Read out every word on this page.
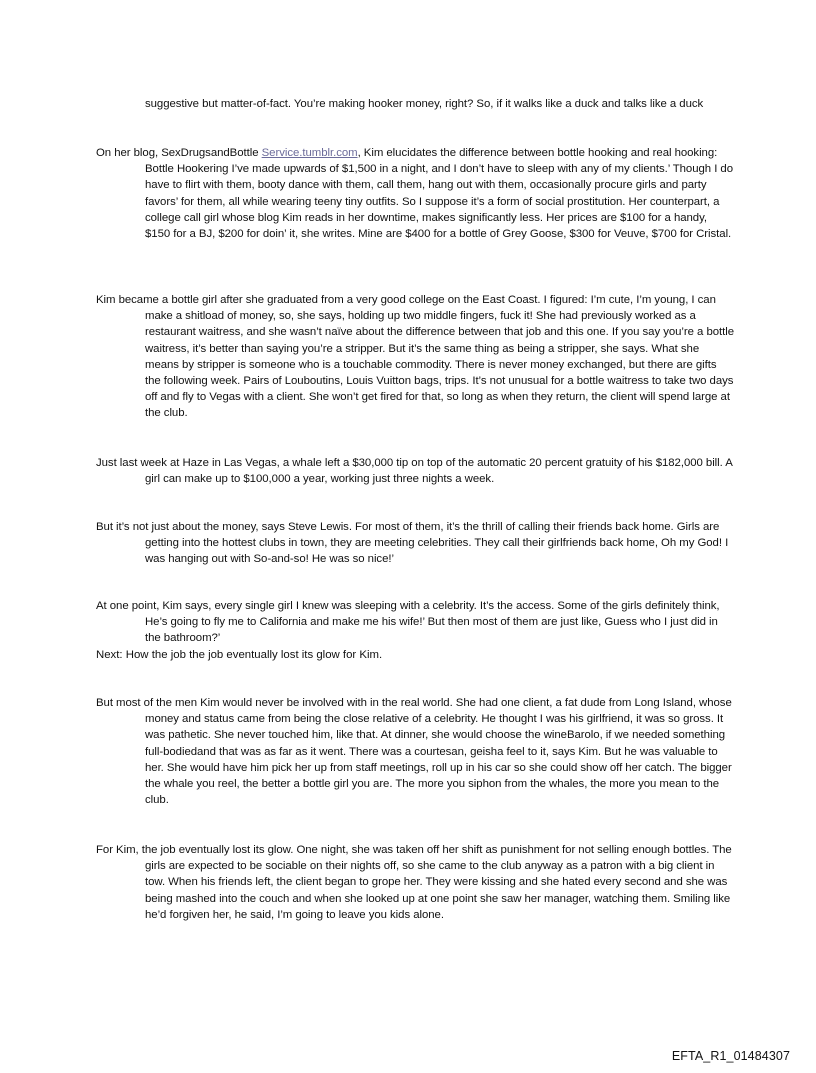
suggestive but matter-of-fact. You’re making hooker money, right? So, if it walks like a duck and talks like a duck

On her blog, SexDrugsandBottle Service.tumblr.com, Kim elucidates the difference between bottle hooking and real hooking: Bottle Hookering I’ve made upwards of $1,500 in a night, and I don’t have to sleep with any of my clients.’ Though I do have to flirt with them, booty dance with them, call them, hang out with them, occasionally procure girls and party favors’ for them, all while wearing teeny tiny outfits. So I suppose it’s a form of social prostitution. Her counterpart, a college call girl whose blog Kim reads in her downtime, makes significantly less. Her prices are $100 for a handy, $150 for a BJ, $200 for doin’ it, she writes. Mine are $400 for a bottle of Grey Goose, $300 for Veuve, $700 for Cristal.

Kim became a bottle girl after she graduated from a very good college on the East Coast. I figured: I’m cute, I’m young, I can make a shitload of money, so, she says, holding up two middle fingers, fuck it! She had previously worked as a restaurant waitress, and she wasn’t naïve about the difference between that job and this one. If you say you’re a bottle waitress, it’s better than saying you’re a stripper. But it’s the same thing as being a stripper, she says. What she means by stripper is someone who is a touchable commodity. There is never money exchanged, but there are gifts the following week. Pairs of Louboutins, Louis Vuitton bags, trips. It’s not unusual for a bottle waitress to take two days off and fly to Vegas with a client. She won’t get fired for that, so long as when they return, the client will spend large at the club.

Just last week at Haze in Las Vegas, a whale left a $30,000 tip on top of the automatic 20 percent gratuity of his $182,000 bill. A girl can make up to $100,000 a year, working just three nights a week.

But it’s not just about the money, says Steve Lewis. For most of them, it’s the thrill of calling their friends back home. Girls are getting into the hottest clubs in town, they are meeting celebrities. They call their girlfriends back home, Oh my God! I was hanging out with So-and-so! He was so nice!’

At one point, Kim says, every single girl I knew was sleeping with a celebrity. It’s the access. Some of the girls definitely think, He’s going to fly me to California and make me his wife!’ But then most of them are just like, Guess who I just did in the bathroom?’

Next: How the job the job eventually lost its glow for Kim.

But most of the men Kim would never be involved with in the real world. She had one client, a fat dude from Long Island, whose money and status came from being the close relative of a celebrity. He thought I was his girlfriend, it was so gross. It was pathetic. She never touched him, like that. At dinner, she would choose the wineBarolo, if we needed something full-bodiedand that was as far as it went. There was a courtesan, geisha feel to it, says Kim. But he was valuable to her. She would have him pick her up from staff meetings, roll up in his car so she could show off her catch. The bigger the whale you reel, the better a bottle girl you are. The more you siphon from the whales, the more you mean to the club.

For Kim, the job eventually lost its glow. One night, she was taken off her shift as punishment for not selling enough bottles. The girls are expected to be sociable on their nights off, so she came to the club anyway as a patron with a big client in tow. When his friends left, the client began to grope her. They were kissing and she hated every second and she was being mashed into the couch and when she looked up at one point she saw her manager, watching them. Smiling like he’d forgiven her, he said, I’m going to leave you kids alone.

EFTA_R1_01484307
